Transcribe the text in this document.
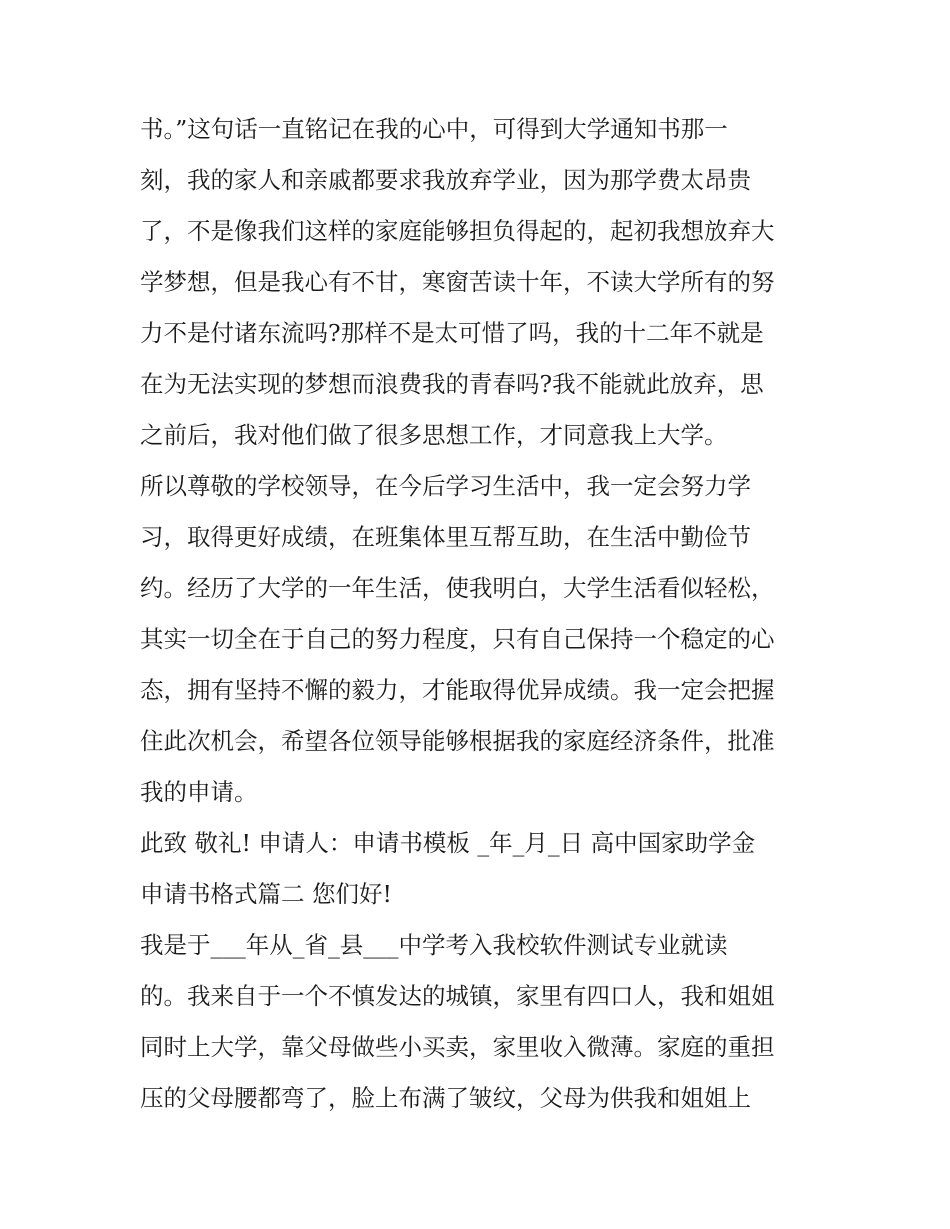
书。”这句话一直铭记在我的心中，可得到大学通知书那一

刻，我的家人和亲戚都要求我放弃学业，因为那学费太昂贵

了，不是像我们这样的家庭能够担负得起的，起初我想放弃大

学梦想，但是我心有不甘，寒窗苦读十年，不读大学所有的努

力不是付诸东流吗?那样不是太可惜了吗，我的十二年不就是

在为无法实现的梦想而浪费我的青春吗?我不能就此放弃，思

之前后，我对他们做了很多思想工作，才同意我上大学。

所以尊敬的学校领导，在今后学习生活中，我一定会努力学

习，取得更好成绩，在班集体里互帮互助，在生活中勤俭节

约。经历了大学的一年生活，使我明白，大学生活看似轻松，

其实一切全在于自己的努力程度，只有自己保持一个稳定的心

态，拥有坚持不懈的毅力，才能取得优异成绩。我一定会把握

住此次机会，希望各位领导能够根据我的家庭经济条件，批准

我的申请。

此致 敬礼! 申请人：申请书模板 _年_月_日 高中国家助学金

申请书格式篇二 您们好!

我是于___年从_省_县___中学考入我校软件测试专业就读

的。我来自于一个不慎发达的城镇，家里有四口人，我和姐姐

同时上大学，靠父母做些小买卖，家里收入微薄。家庭的重担

压的父母腰都弯了，脸上布满了皱纹，父母为供我和姐姐上
